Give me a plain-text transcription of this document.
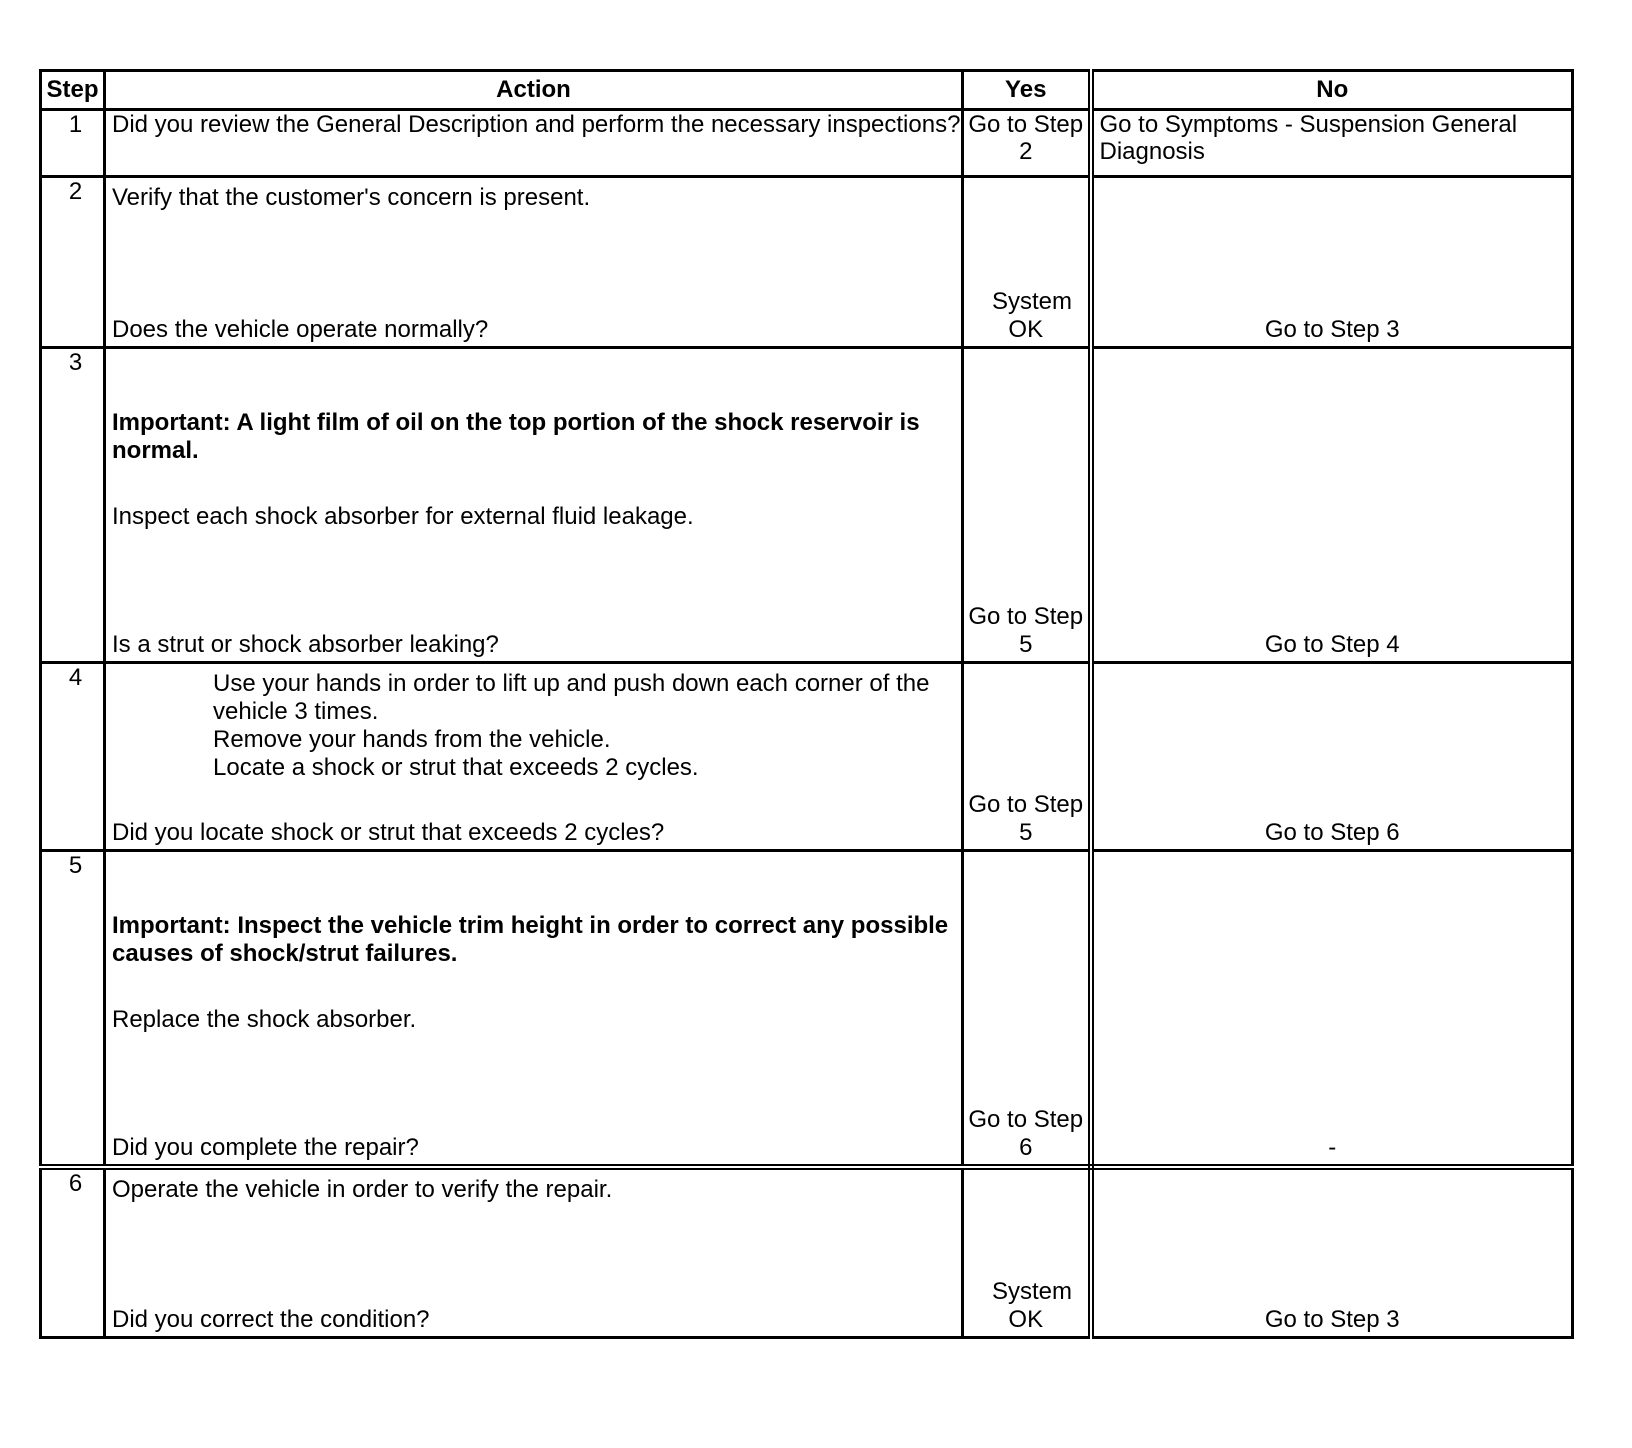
Step	Action	Yes	No
1	Did you review the General Description and perform the necessary inspections?	Go to Step 2	Go to Symptoms - Suspension General Diagnosis

2	Verify that the customer's concern is present.
Does the vehicle operate normally?	System OK	Go to Step 3

3	Important: A light film of oil on the top portion of the shock reservoir is normal.
Inspect each shock absorber for external fluid leakage.
Is a strut or shock absorber leaking?	Go to Step 5	Go to Step 4

4	Use your hands in order to lift up and push down each corner of the vehicle 3 times.
Remove your hands from the vehicle.
Locate a shock or strut that exceeds 2 cycles.
Did you locate shock or strut that exceeds 2 cycles?	Go to Step 5	Go to Step 6

5	Important: Inspect the vehicle trim height in order to correct any possible causes of shock/strut failures.
Replace the shock absorber.
Did you complete the repair?	Go to Step 6	-

6	Operate the vehicle in order to verify the repair.
Did you correct the condition?	System OK	Go to Step 3
